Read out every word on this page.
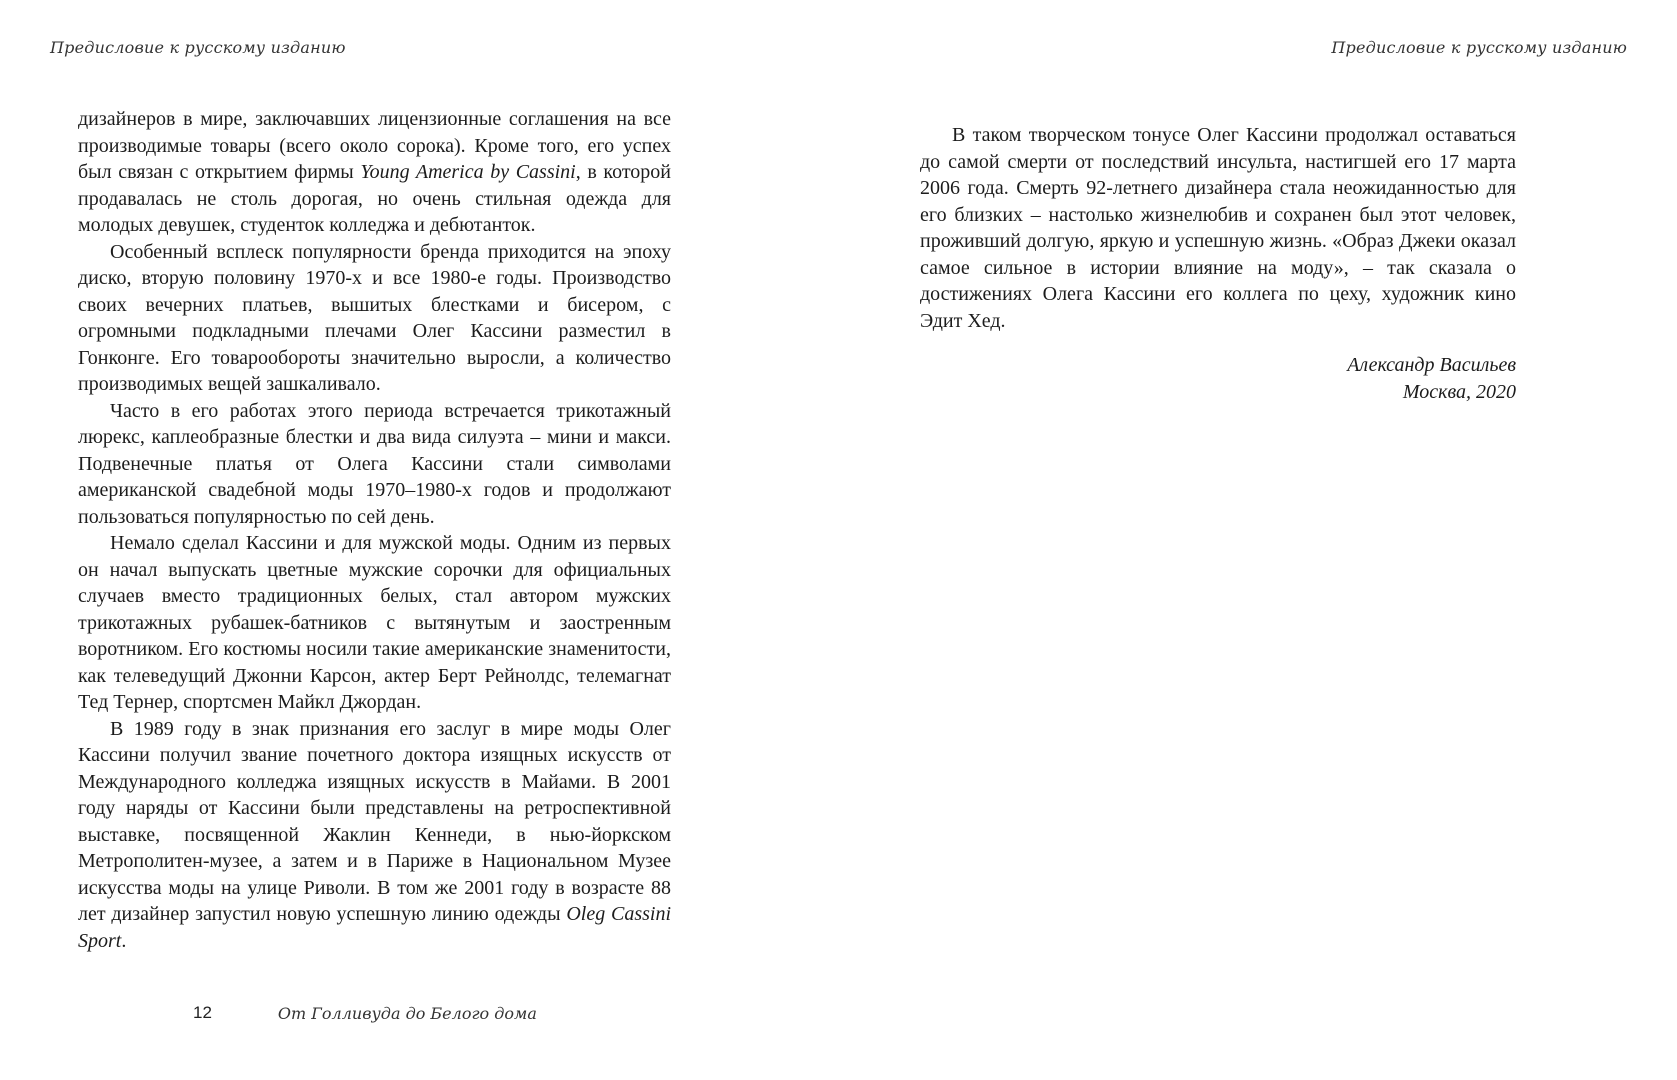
Предисловие к русскому изданию	Предисловие к русскому изданию

дизайнеров в мире, заключавших лицензионные соглашения на все производимые товары (всего около сорока). Кроме того, его успех был связан с открытием фирмы Young America by Cassini, в которой продавалась не столь дорогая, но очень стильная одежда для молодых девушек, студенток колледжа и дебютанток.

Особенный всплеск популярности бренда приходится на эпоху диско, вторую половину 1970-х и все 1980-е годы. Производство своих вечерних платьев, вышитых блестками и бисером, с огромными подкладными плечами Олег Кассини разместил в Гонконге. Его товарообороты значительно выросли, а количество производимых вещей зашкаливало.

Часто в его работах этого периода встречается трикотажный люрекс, каплеобразные блестки и два вида силуэта – мини и макси. Подвенечные платья от Олега Кассини стали символами американской свадебной моды 1970–1980-х годов и продолжают пользоваться популярностью по сей день.

Немало сделал Кассини и для мужской моды. Одним из первых он начал выпускать цветные мужские сорочки для официальных случаев вместо традиционных белых, стал автором мужских трикотажных рубашек-батников с вытянутым и заостренным воротником. Его костюмы носили такие американские знаменитости, как телеведущий Джонни Карсон, актер Берт Рейнолдс, телемагнат Тед Тернер, спортсмен Майкл Джордан.

В 1989 году в знак признания его заслуг в мире моды Олег Кассини получил звание почетного доктора изящных искусств от Международного колледжа изящных искусств в Майами. В 2001 году наряды от Кассини были представлены на ретроспективной выставке, посвященной Жаклин Кеннеди, в нью-йоркском Метрополитен-музее, а затем и в Париже в Национальном Музее искусства моды на улице Риволи. В том же 2001 году в возрасте 88 лет дизайнер запустил новую успешную линию одежды Oleg Cassini Sport.

В таком творческом тонусе Олег Кассини продолжал оставаться до самой смерти от последствий инсульта, настигшей его 17 марта 2006 года. Смерть 92-летнего дизайнера стала неожиданностью для его близких – настолько жизнелюбив и сохранен был этот человек, проживший долгую, яркую и успешную жизнь. «Образ Джеки оказал самое сильное в истории влияние на моду», – так сказала о достижениях Олега Кассини его коллега по цеху, художник кино Эдит Хед.

Александр Васильев
Москва, 2020
12	От Голливуда до Белого дома
